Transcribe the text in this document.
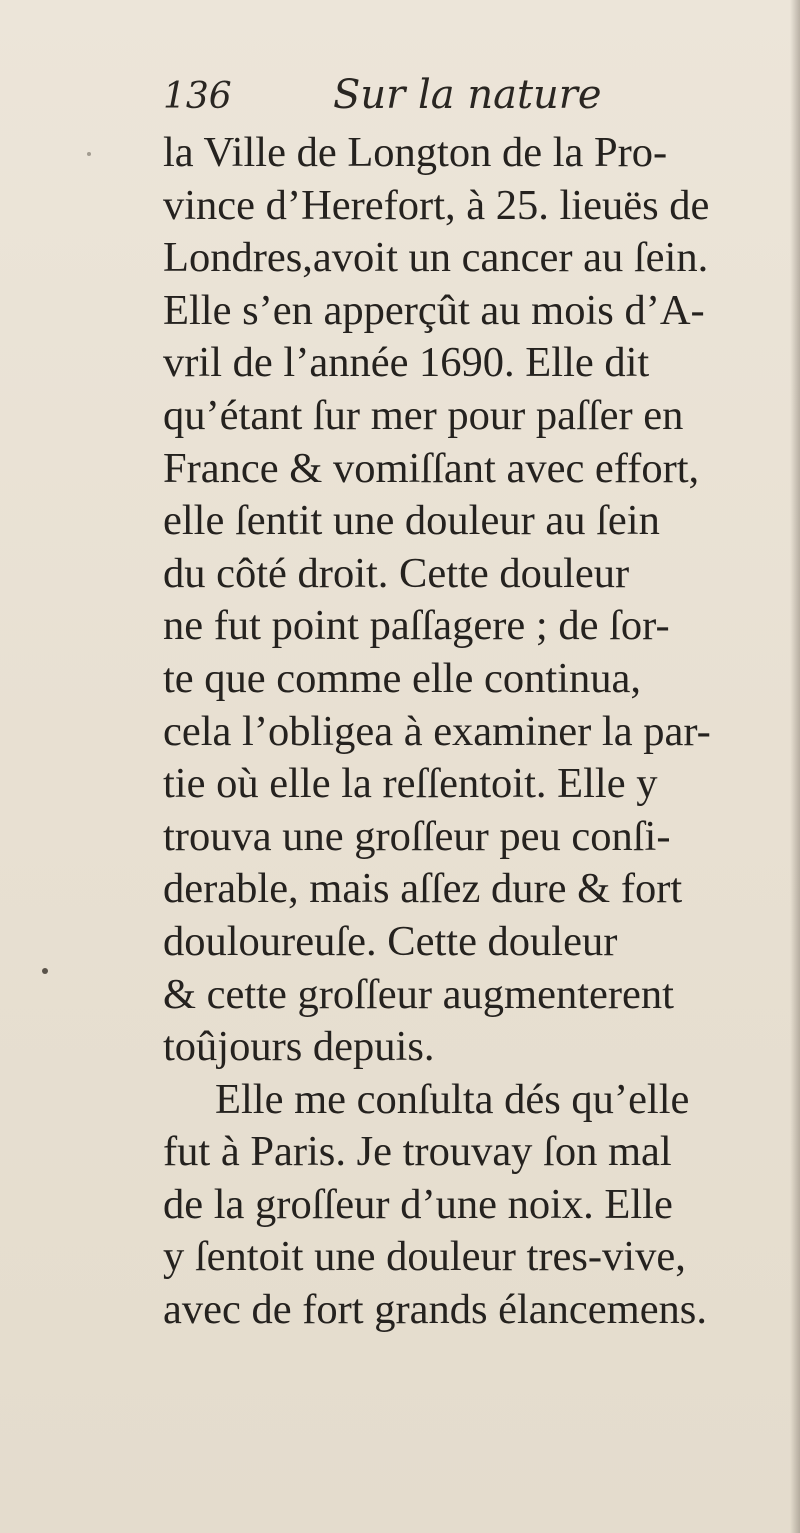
136	Sur la nature
la Ville de Longton de la Pro-
vince d’Herefort, à 25. lieuës de
Londres,avoit un cancer au ſein.
Elle s’en apperçût au mois d’A-
vril de l’année 1690. Elle dit
qu’étant ſur mer pour paſſer en
France & vomiſſant avec effort,
elle ſentit une douleur au ſein
du côté droit. Cette douleur
ne fut point paſſagere ; de ſor-
te que comme elle continua,
cela l’obligea à examiner la par-
tie où elle la reſſentoit. Elle y
trouva une groſſeur peu conſi-
derable, mais aſſez dure & fort
douloureuſe. Cette douleur
& cette groſſeur augmenterent
toûjours depuis.
Elle me conſulta dés qu’elle
fut à Paris. Je trouvay ſon mal
de la groſſeur d’une noix. Elle
y ſentoit une douleur tres-vive,
avec de fort grands élancemens.
